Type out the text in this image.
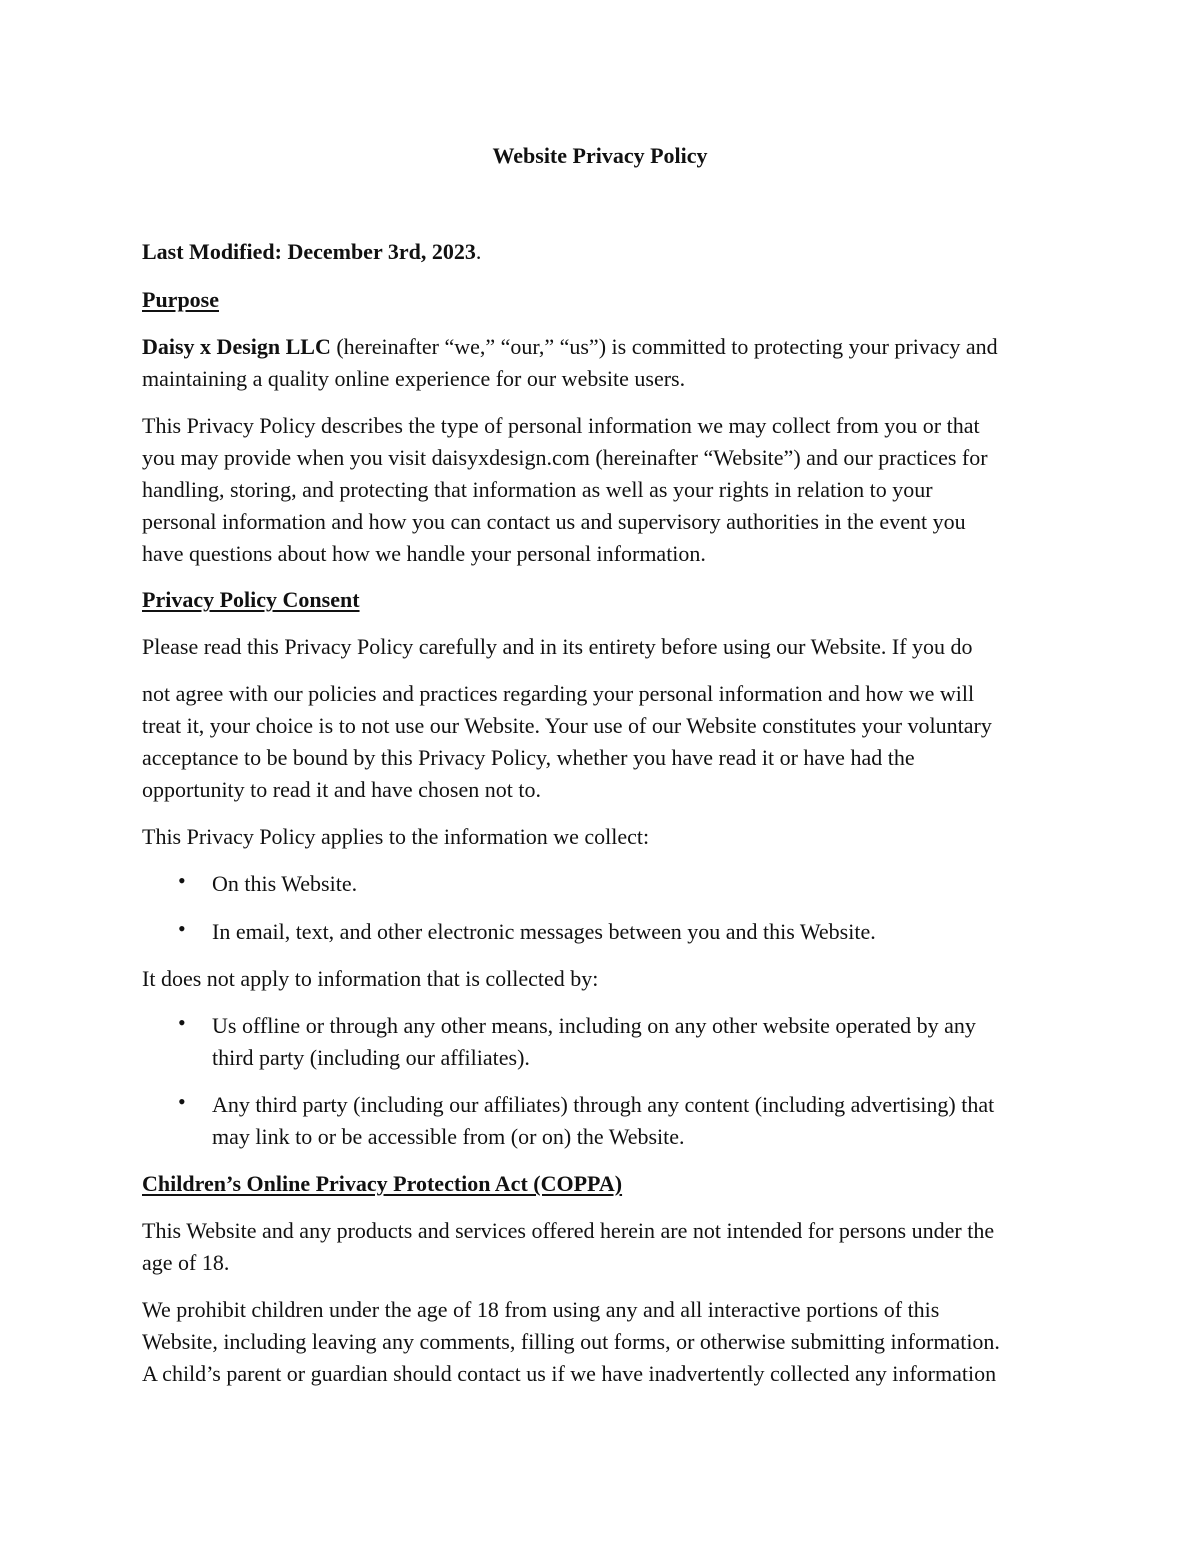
Website Privacy Policy

Last Modified: December 3rd, 2023.

Purpose

Daisy x Design LLC (hereinafter “we,” “our,” “us”) is committed to protecting your privacy and
maintaining a quality online experience for our website users.
This Privacy Policy describes the type of personal information we may collect from you or that
you may provide when you visit daisyxdesign.com (hereinafter “Website”) and our practices for
handling, storing, and protecting that information as well as your rights in relation to your
personal information and how you can contact us and supervisory authorities in the event you
have questions about how we handle your personal information.

Privacy Policy Consent

Please read this Privacy Policy carefully and in its entirety before using our Website. If you do

not agree with our policies and practices regarding your personal information and how we will
treat it, your choice is to not use our Website. Your use of our Website constitutes your voluntary
acceptance to be bound by this Privacy Policy, whether you have read it or have had the
opportunity to read it and have chosen not to.

This Privacy Policy applies to the information we collect:

• On this Website.
• In email, text, and other electronic messages between you and this Website.

It does not apply to information that is collected by:

• Us offline or through any other means, including on any other website operated by any
third party (including our affiliates).
• Any third party (including our affiliates) through any content (including advertising) that
may link to or be accessible from (or on) the Website.

Children’s Online Privacy Protection Act (COPPA)

This Website and any products and services offered herein are not intended for persons under the
age of 18.
We prohibit children under the age of 18 from using any and all interactive portions of this
Website, including leaving any comments, filling out forms, or otherwise submitting information.
A child’s parent or guardian should contact us if we have inadvertently collected any information
